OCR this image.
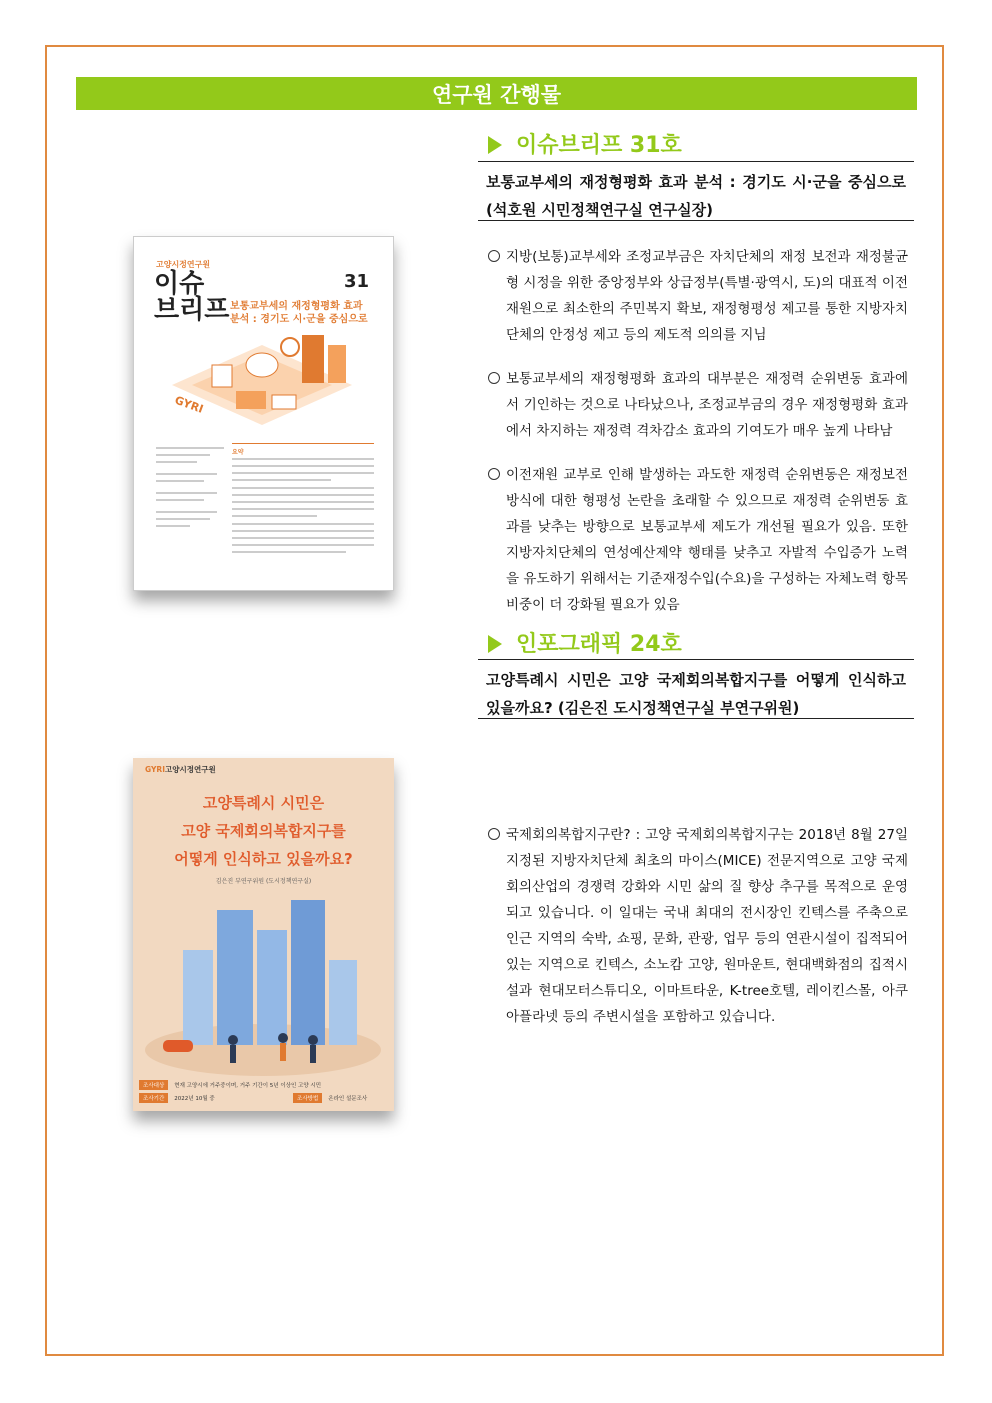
연구원 간행물
이슈브리프 31호
보통교부세의 재정형평화 효과 분석 : 경기도 시·군을 중심으로 (석호원 시민정책연구실 연구실장)
지방(보통)교부세와 조정교부금은 자치단체의 재정 보전과 재정불균형 시정을 위한 중앙정부와 상급정부(특별·광역시, 도)의 대표적 이전재원으로 최소한의 주민복지 확보, 재정형평성 제고를 통한 지방자치단체의 안정성 제고 등의 제도적 의의를 지님
보통교부세의 재정형평화 효과의 대부분은 재정력 순위변동 효과에서 기인하는 것으로 나타났으나, 조정교부금의 경우 재정형평화 효과에서 차지하는 재정력 격차감소 효과의 기여도가 매우 높게 나타남
이전재원 교부로 인해 발생하는 과도한 재정력 순위변동은 재정보전방식에 대한 형평성 논란을 초래할 수 있으므로 재정력 순위변동 효과를 낮추는 방향으로 보통교부세 제도가 개선될 필요가 있음. 또한 지방자치단체의 연성예산제약 행태를 낮추고 자발적 수입증가 노력을 유도하기 위해서는 기준재정수입(수요)을 구성하는 자체노력 항목 비중이 더 강화될 필요가 있음
고양시정연구원
이슈
브리프
31
보통교부세의 재정형평화 효과
분석 : 경기도 시·군을 중심으로
GYRI
요약
인포그래픽 24호
고양특례시 시민은 고양 국제회의복합지구를 어떻게 인식하고 있을까요? (김은진 도시정책연구실 부연구위원)
국제회의복합지구란? : 고양 국제회의복합지구는 2018년 8월 27일 지정된 지방자치단체 최초의 마이스(MICE) 전문지역으로 고양 국제회의산업의 경쟁력 강화와 시민 삶의 질 향상 추구를 목적으로 운영되고 있습니다. 이 일대는 국내 최대의 전시장인 킨텍스를 주축으로 인근 지역의 숙박, 쇼핑, 문화, 관광, 업무 등의 연관시설이 집적되어 있는 지역으로 킨텍스, 소노캄 고양, 원마운트, 현대백화점의 집적시설과 현대모터스튜디오, 이마트타운, K-tree호텔, 레이킨스몰, 아쿠아플라넷 등의 주변시설을 포함하고 있습니다.
GYRI고양시정연구원
고양특례시 시민은
고양 국제회의복합지구를
어떻게 인식하고 있을까요?
김은진 부연구위원 (도시정책연구실)
조사대상 현재 고양시에 거주중이며, 거주 기간이 5년 이상인 고양 시민
조사기간 2022년 10월 중	조사방법 온라인 설문조사
